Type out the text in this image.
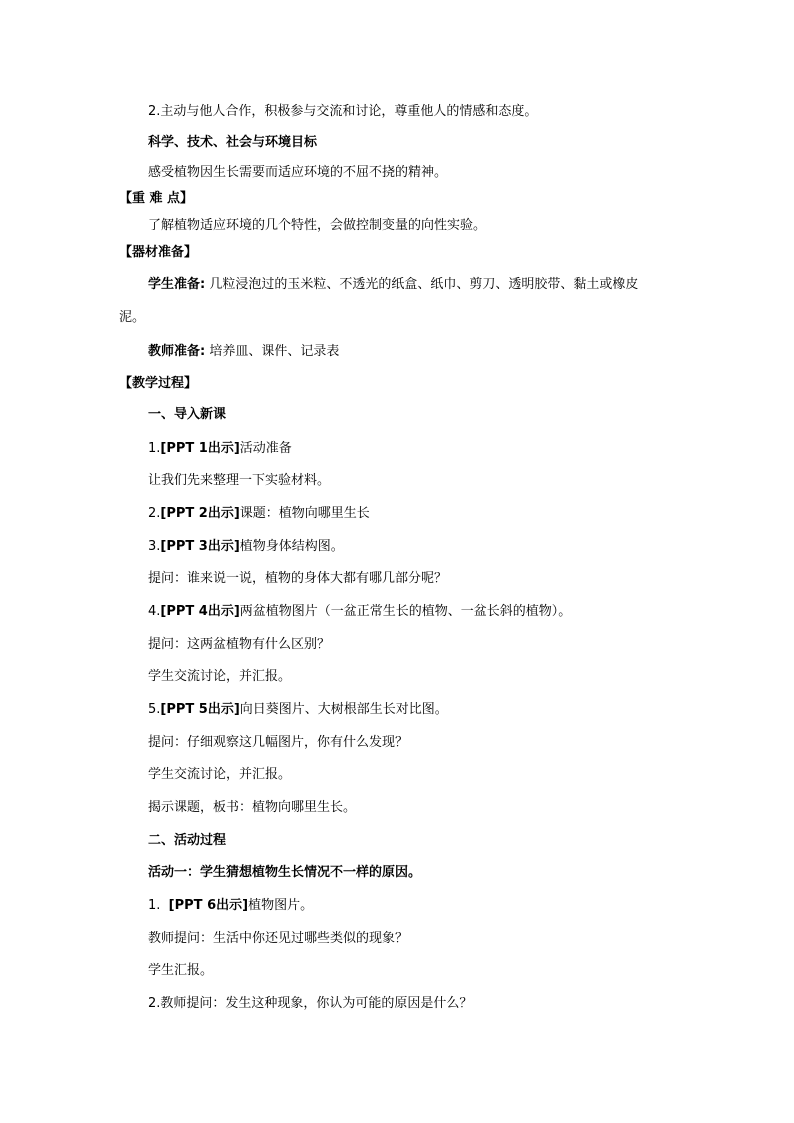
2.主动与他人合作，积极参与交流和讨论，尊重他人的情感和态度。
科学、技术、社会与环境目标
感受植物因生长需要而适应环境的不屈不挠的精神。
【重 难 点】
了解植物适应环境的几个特性，会做控制变量的向性实验。
【器材准备】
学生准备: 几粒浸泡过的玉米粒、不透光的纸盒、纸巾、剪刀、透明胶带、黏土或橡皮
泥。
教师准备: 培养皿、课件、记录表
【教学过程】
一、导入新课
1.[PPT 1出示]活动准备
让我们先来整理一下实验材料。
2.[PPT 2出示]课题：植物向哪里生长
3.[PPT 3出示]植物身体结构图。
提问：谁来说一说，植物的身体大都有哪几部分呢？
4.[PPT 4出示]两盆植物图片（一盆正常生长的植物、一盆长斜的植物）。
提问：这两盆植物有什么区别？
学生交流讨论，并汇报。
5.[PPT 5出示]向日葵图片、大树根部生长对比图。
提问：仔细观察这几幅图片，你有什么发现？
学生交流讨论，并汇报。
揭示课题，板书：植物向哪里生长。
二、活动过程
活动一：学生猜想植物生长情况不一样的原因。
1. [PPT 6出示]植物图片。
教师提问：生活中你还见过哪些类似的现象？
学生汇报。
2.教师提问：发生这种现象，你认为可能的原因是什么？
